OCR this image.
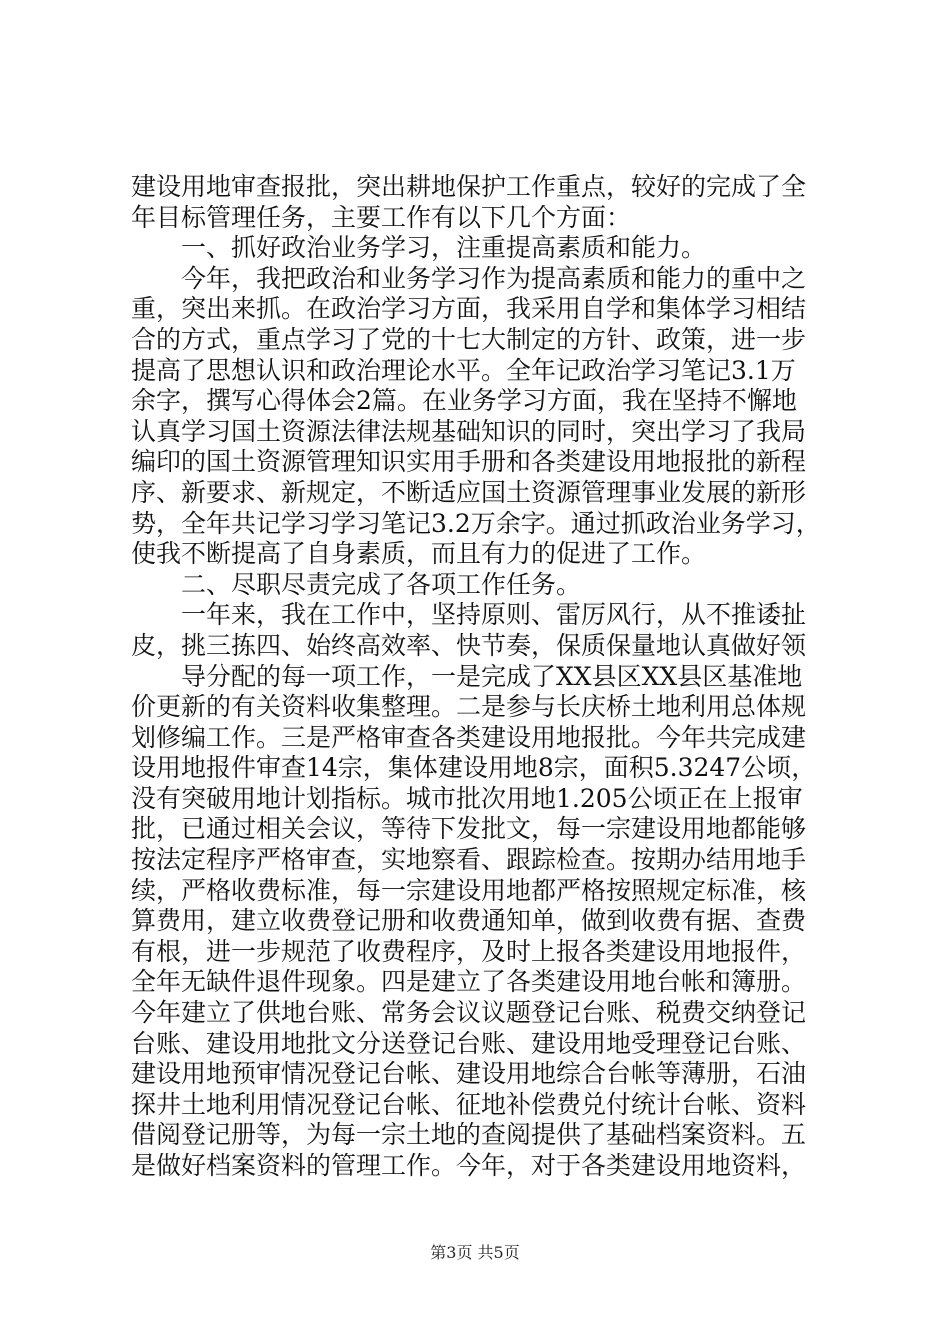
建设用地审查报批，突出耕地保护工作重点，较好的完成了全
年目标管理任务，主要工作有以下几个方面：
　　一、抓好政治业务学习，注重提高素质和能力。
　　今年，我把政治和业务学习作为提高素质和能力的重中之
重，突出来抓。在政治学习方面，我采用自学和集体学习相结
合的方式，重点学习了党的十七大制定的方针、政策，进一步
提高了思想认识和政治理论水平。全年记政治学习笔记3.1万
余字，撰写心得体会2篇。在业务学习方面，我在坚持不懈地
认真学习国土资源法律法规基础知识的同时，突出学习了我局
编印的国土资源管理知识实用手册和各类建设用地报批的新程
序、新要求、新规定，不断适应国土资源管理事业发展的新形
势，全年共记学习学习笔记3.2万余字。通过抓政治业务学习，
使我不断提高了自身素质，而且有力的促进了工作。
　　二、尽职尽责完成了各项工作任务。
　　一年来，我在工作中，坚持原则、雷厉风行，从不推诿扯
皮，挑三拣四、始终高效率、快节奏，保质保量地认真做好领
　　导分配的每一项工作，一是完成了XX县区XX县区基准地
价更新的有关资料收集整理。二是参与长庆桥土地利用总体规
划修编工作。三是严格审查各类建设用地报批。今年共完成建
设用地报件审查14宗，集体建设用地8宗，面积5.3247公顷，
没有突破用地计划指标。城市批次用地1.205公顷正在上报审
批，已通过相关会议，等待下发批文，每一宗建设用地都能够
按法定程序严格审查，实地察看、跟踪检查。按期办结用地手
续，严格收费标准，每一宗建设用地都严格按照规定标准，核
算费用，建立收费登记册和收费通知单，做到收费有据、查费
有根，进一步规范了收费程序，及时上报各类建设用地报件，
全年无缺件退件现象。四是建立了各类建设用地台帐和簿册。
今年建立了供地台账、常务会议议题登记台账、税费交纳登记
台账、建设用地批文分送登记台账、建设用地受理登记台账、
建设用地预审情况登记台帐、建设用地综合台帐等薄册，石油
探井土地利用情况登记台帐、征地补偿费兑付统计台帐、资料
借阅登记册等，为每一宗土地的查阅提供了基础档案资料。五
是做好档案资料的管理工作。今年，对于各类建设用地资料，
第3页 共5页
